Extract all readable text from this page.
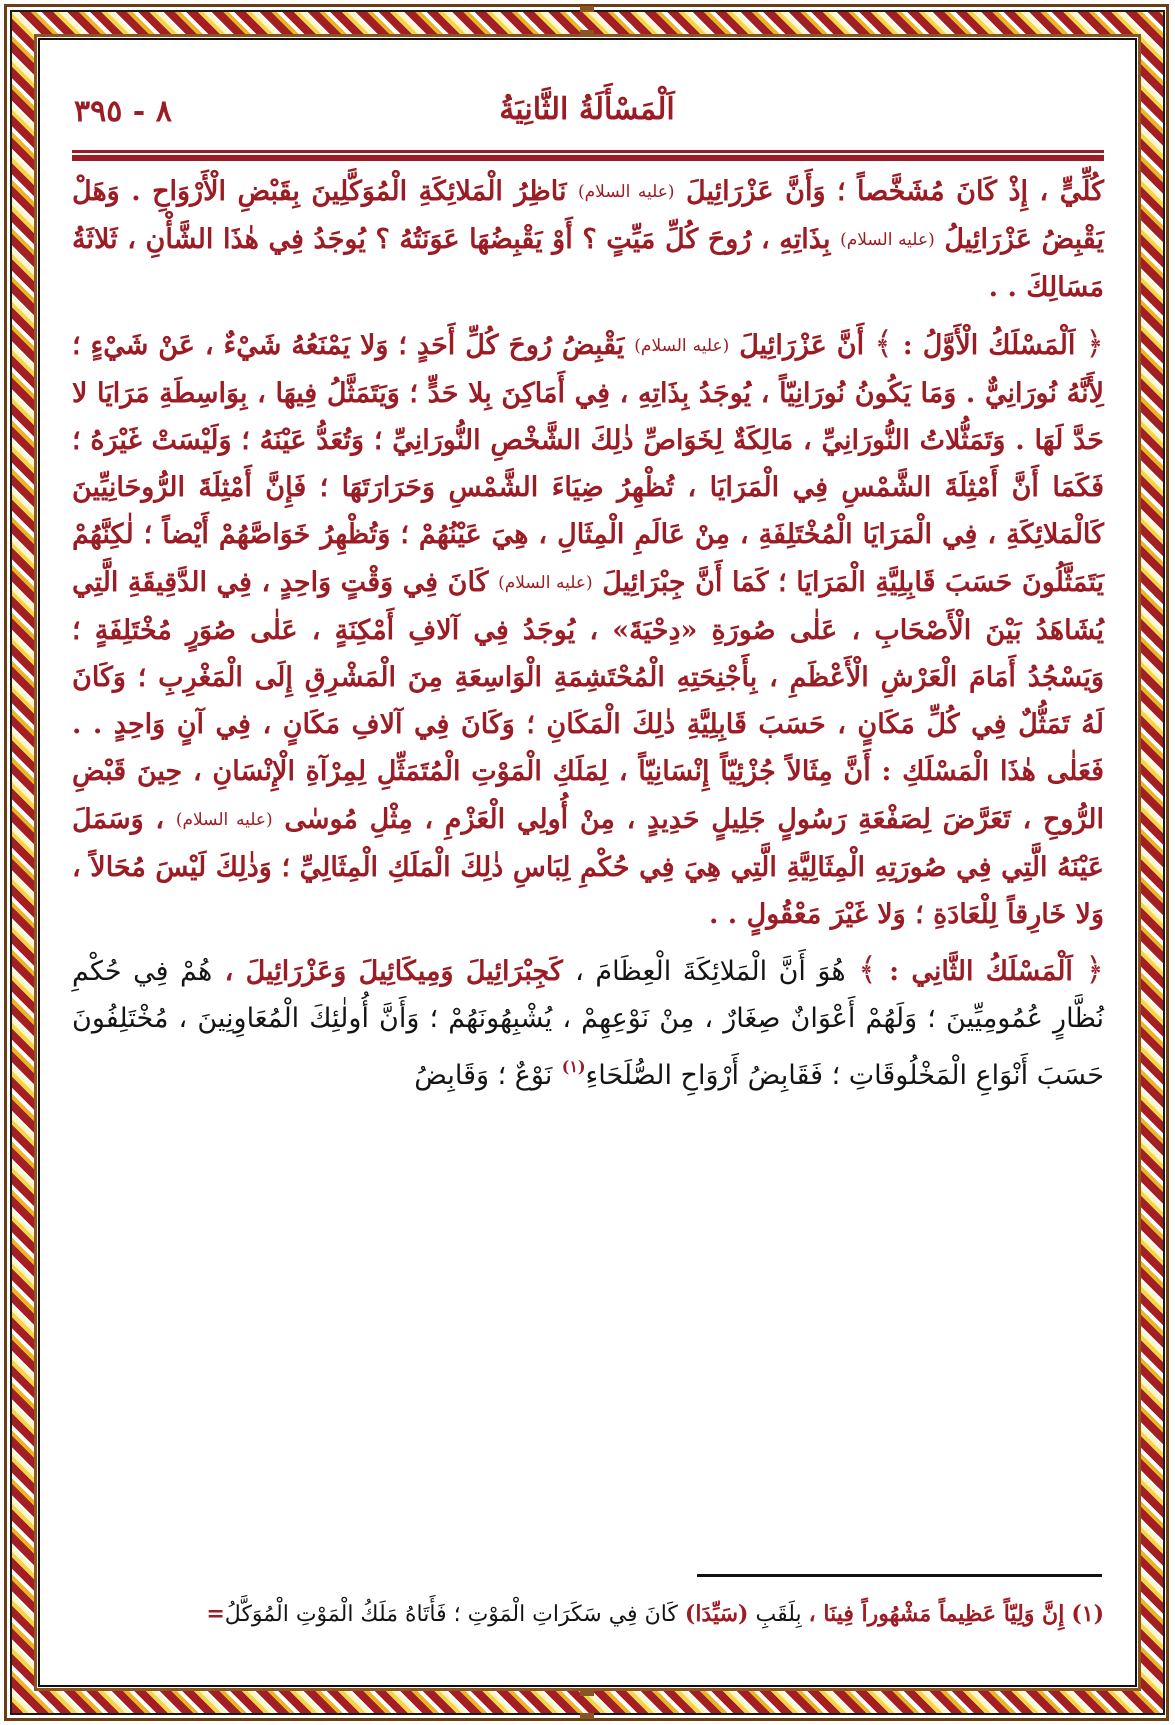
اَلْمَسْأَلَةُ الثَّانِيَةُ
٨ - ٣٩٥

كُلِّيٍّ ، إِذْ كَانَ مُشَخَّصاً ؛ وَأَنَّ عَزْرَائِيلَ (عليه السلام) نَاظِرُ الْمَلائِكَةِ الْمُوَكَّلِينَ بِقَبْضِ الْأَرْوَاحِ . وَهَلْ يَقْبِضُ عَزْرَائِيلُ (عليه السلام) بِذَاتِهِ ، رُوحَ كُلِّ مَيِّتٍ ؟ أَوْ يَقْبِضُهَا عَوَنَتُهُ ؟ يُوجَدُ فِي هٰذَا الشَّأْنِ ، ثَلاثَةُ مَسَالِكَ . .

﴿ اَلْمَسْلَكُ الْأَوَّلُ : ﴾ أَنَّ عَزْرَائِيلَ (عليه السلام) يَقْبِضُ رُوحَ كُلِّ أَحَدٍ ؛ وَلا يَمْنَعُهُ شَيْءٌ ، عَنْ شَيْءٍ ؛ لِأَنَّهُ نُورَانِيٌّ . وَمَا يَكُونُ نُورَانِيّاً ، يُوجَدُ بِذَاتِهِ ، فِي أَمَاكِنَ بِلا حَدٍّ ؛ وَيَتَمَثَّلُ فِيهَا ، بِوَاسِطَةِ مَرَايَا لا حَدَّ لَهَا . وَتَمَثُّلاتُ النُّورَانِيِّ ، مَالِكَةٌ لِخَوَاصِّ ذٰلِكَ الشَّخْصِ النُّورَانِيِّ ؛ وَتُعَدُّ عَيْنَهُ ؛ وَلَيْسَتْ غَيْرَهُ ؛ فَكَمَا أَنَّ أَمْثِلَةَ الشَّمْسِ فِي الْمَرَايَا ، تُظْهِرُ ضِيَاءَ الشَّمْسِ وَحَرَارَتَهَا ؛ فَإِنَّ أَمْثِلَةَ الرُّوحَانِيِّينَ كَالْمَلائِكَةِ ، فِي الْمَرَايَا الْمُخْتَلِفَةِ ، مِنْ عَالَمِ الْمِثَالِ ، هِيَ عَيْنُهُمْ ؛ وَتُظْهِرُ خَوَاصَّهُمْ أَيْضاً ؛ لٰكِنَّهُمْ يَتَمَثَّلُونَ حَسَبَ قَابِلِيَّةِ الْمَرَايَا ؛ كَمَا أَنَّ جِبْرَائِيلَ (عليه السلام) كَانَ فِي وَقْتٍ وَاحِدٍ ، فِي الدَّقِيقَةِ الَّتِي يُشَاهَدُ بَيْنَ الْأَصْحَابِ ، عَلٰى صُورَةِ «دِحْيَةَ» ، يُوجَدُ فِي آلافِ أَمْكِنَةٍ ، عَلٰى صُوَرٍ مُخْتَلِفَةٍ ؛ وَيَسْجُدُ أَمَامَ الْعَرْشِ الْأَعْظَمِ ، بِأَجْنِحَتِهِ الْمُحْتَشِمَةِ الْوَاسِعَةِ مِنَ الْمَشْرِقِ إِلَى الْمَغْرِبِ ؛ وَكَانَ لَهُ تَمَثُّلٌ فِي كُلِّ مَكَانٍ ، حَسَبَ قَابِلِيَّةِ ذٰلِكَ الْمَكَانِ ؛ وَكَانَ فِي آلافِ مَكَانٍ ، فِي آنٍ وَاحِدٍ . . فَعَلٰى هٰذَا الْمَسْلَكِ : أَنَّ مِثَالاً جُزْئِيّاً إِنْسَانِيّاً ، لِمَلَكِ الْمَوْتِ الْمُتَمَثِّلِ لِمِرْآةِ الْإِنْسَانِ ، حِينَ قَبْضِ الرُّوحِ ، تَعَرَّضَ لِصَفْعَةِ رَسُولٍ جَلِيلٍ حَدِيدٍ ، مِنْ أُولِي الْعَزْمِ ، مِثْلِ مُوسٰى (عليه السلام) ، وَسَمَلَ عَيْنَهُ الَّتِي فِي صُورَتِهِ الْمِثَالِيَّةِ الَّتِي هِيَ فِي حُكْمِ لِبَاسِ ذٰلِكَ الْمَلَكِ الْمِثَالِيِّ ؛ وَذٰلِكَ لَيْسَ مُحَالاً ، وَلا خَارِقاً لِلْعَادَةِ ؛ وَلا غَيْرَ مَعْقُولٍ . .

﴿ اَلْمَسْلَكُ الثَّانِي : ﴾ هُوَ أَنَّ الْمَلائِكَةَ الْعِظَامَ ، كَجِبْرَائِيلَ وَمِيكَائِيلَ وَعَزْرَائِيلَ ، هُمْ فِي حُكْمِ نُظَّارٍ عُمُومِيِّينَ ؛ وَلَهُمْ أَعْوَانٌ صِغَارٌ ، مِنْ نَوْعِهِمْ ، يُشْبِهُونَهُمْ ؛ وَأَنَّ أُولٰئِكَ الْمُعَاوِنِينَ ، مُخْتَلِفُونَ حَسَبَ أَنْوَاعِ الْمَخْلُوقَاتِ ؛ فَقَابِضُ أَرْوَاحِ الصُّلَحَاءِ$^{(١)}$ نَوْعٌ ؛ وَقَابِضُ

(١) إِنَّ وَلِيّاً عَظِيماً مَشْهُوراً فِينَا ، بِلَقَبِ (سَيِّدَا) كَانَ فِي سَكَرَاتِ الْمَوْتِ ؛ فَأَتَاهُ مَلَكُ الْمَوْتِ الْمُوَكَّلُ=
